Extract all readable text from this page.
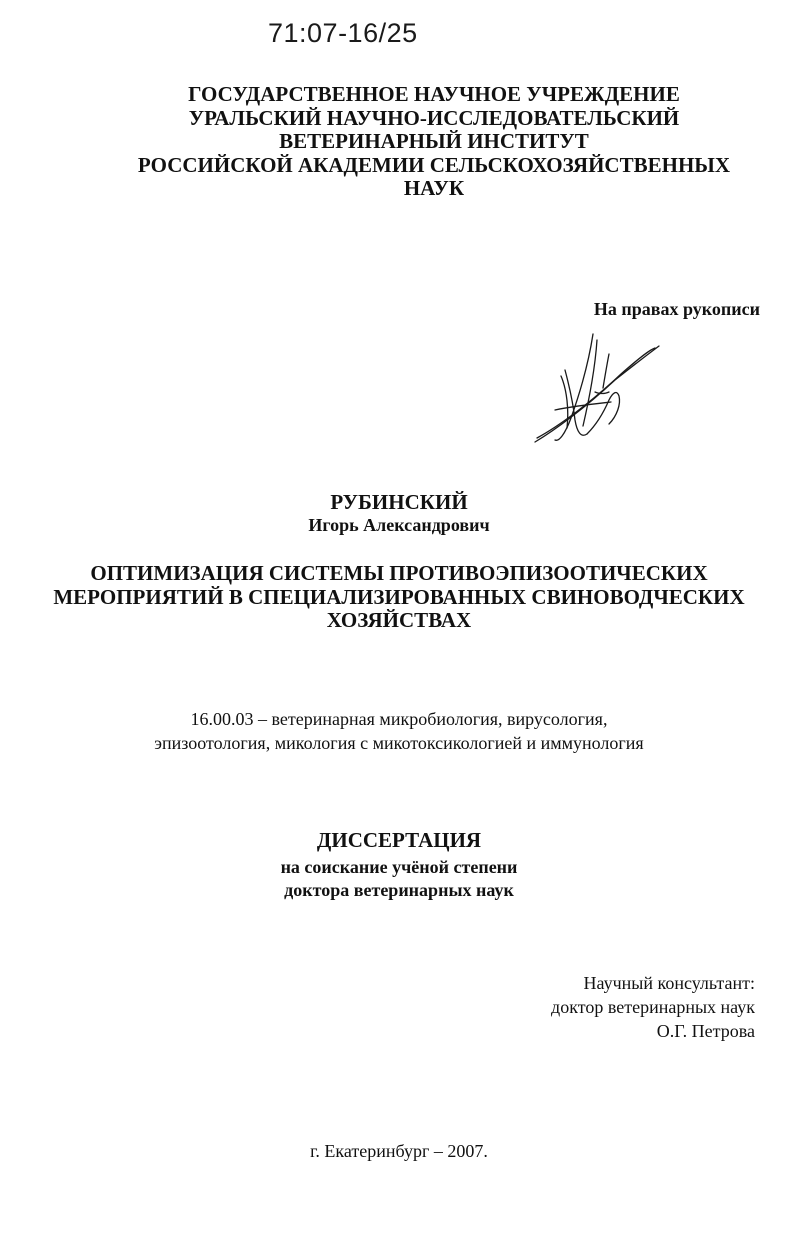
71:07-16/25
ГОСУДАРСТВЕННОЕ НАУЧНОЕ УЧРЕЖДЕНИЕ
УРАЛЬСКИЙ НАУЧНО-ИССЛЕДОВАТЕЛЬСКИЙ
ВЕТЕРИНАРНЫЙ ИНСТИТУТ
РОССИЙСКОЙ АКАДЕМИИ СЕЛЬСКОХОЗЯЙСТВЕННЫХ
НАУК
На правах рукописи
РУБИНСКИЙ
Игорь Александрович
ОПТИМИЗАЦИЯ СИСТЕМЫ ПРОТИВОЭПИЗООТИЧЕСКИХ
МЕРОПРИЯТИЙ В СПЕЦИАЛИЗИРОВАННЫХ СВИНОВОДЧЕСКИХ
ХОЗЯЙСТВАХ
16.00.03 – ветеринарная микробиология, вирусология,
эпизоотология, микология с микотоксикологией и иммунология
ДИССЕРТАЦИЯ
на соискание учёной степени
доктора ветеринарных наук
Научный консультант:
доктор ветеринарных наук
О.Г. Петрова
г. Екатеринбург – 2007.
